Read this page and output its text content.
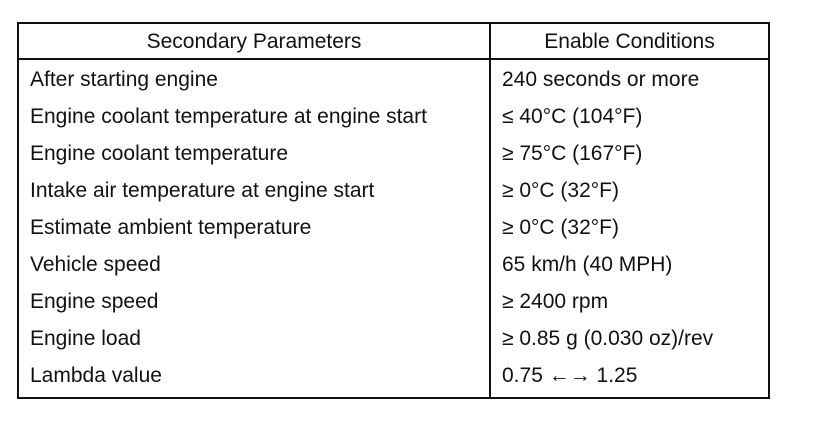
Secondary Parameters	Enable Conditions
After starting engine	240 seconds or more
Engine coolant temperature at engine start	≤ 40°C (104°F)
Engine coolant temperature	≥ 75°C (167°F)
Intake air temperature at engine start	≥ 0°C (32°F)
Estimate ambient temperature	≥ 0°C (32°F)
Vehicle speed	65 km/h (40 MPH)
Engine speed	≥ 2400 rpm
Engine load	≥ 0.85 g (0.030 oz)/rev
Lambda value	0.75 ←→ 1.25
